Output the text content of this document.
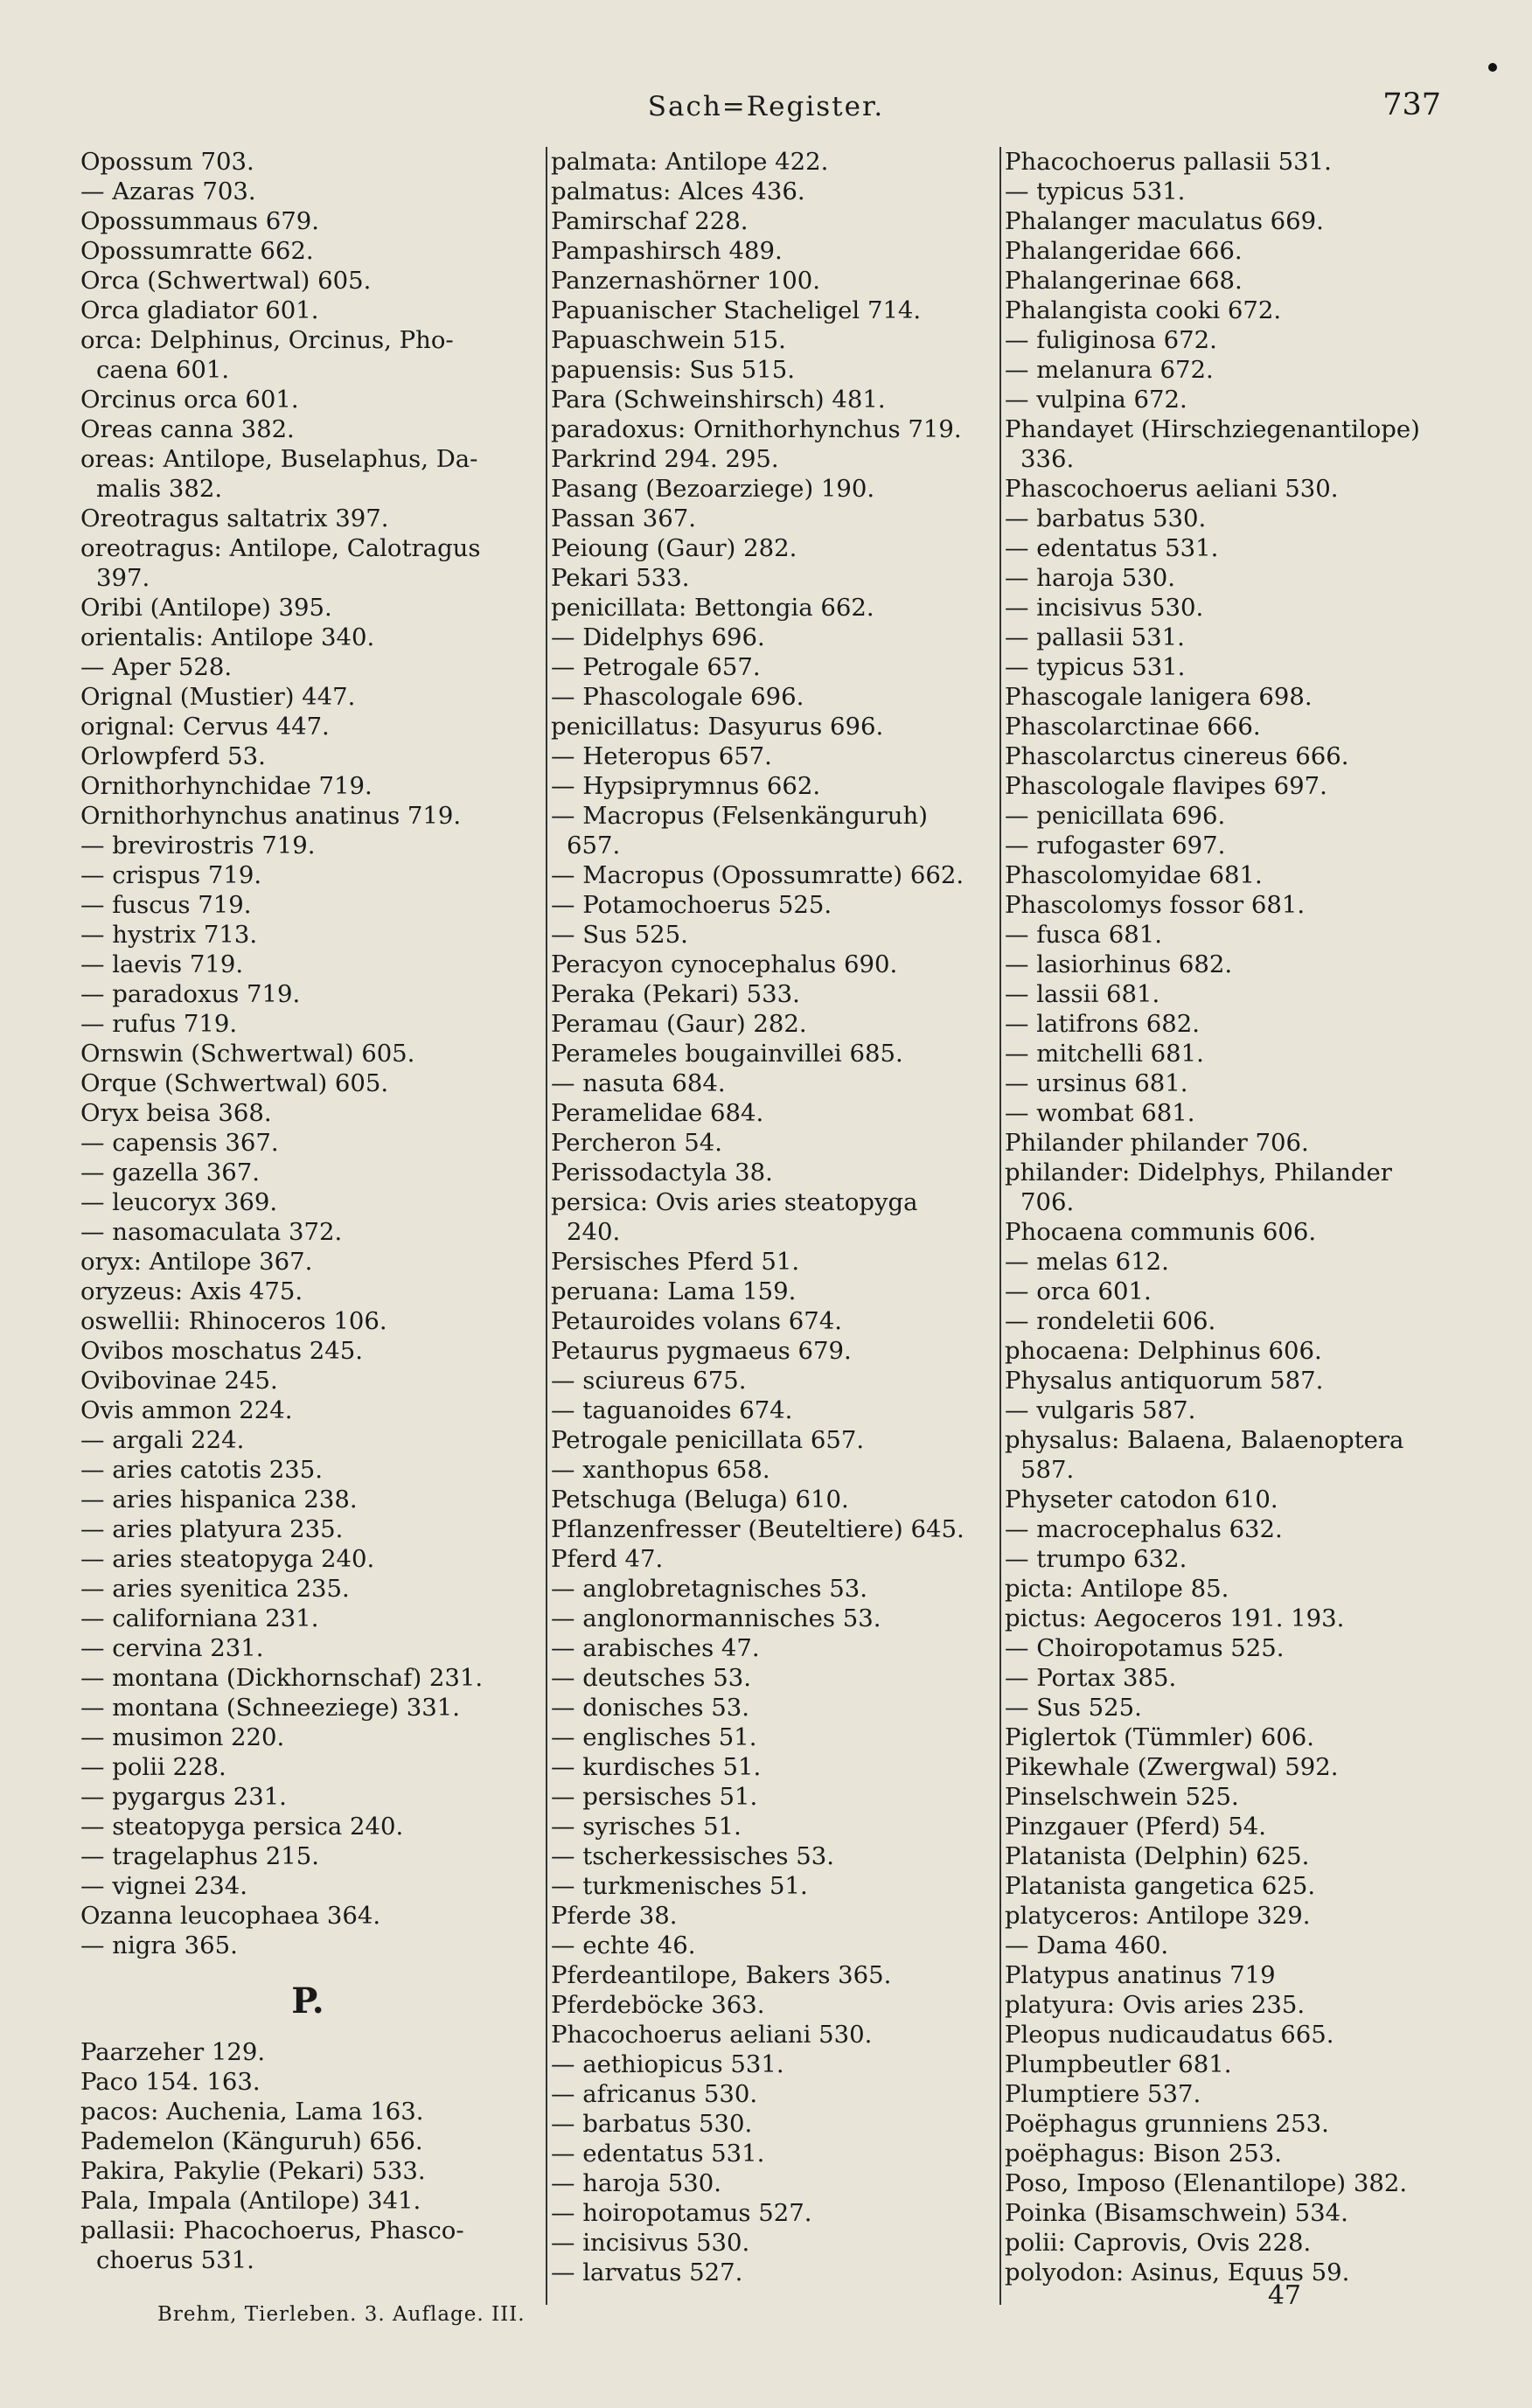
Sach=Register.	737
Opossum 703.
— Azaras 703.
Opossummaus 679.
Opossumratte 662.
Orca (Schwertwal) 605.
Orca gladiator 601.
orca: Delphinus, Orcinus, Pho-
caena 601.
Orcinus orca 601.
Oreas canna 382.
oreas: Antilope, Buselaphus, Da-
malis 382.
Oreotragus saltatrix 397.
oreotragus: Antilope, Calotragus
397.
Oribi (Antilope) 395.
orientalis: Antilope 340.
— Aper 528.
Orignal (Mustier) 447.
orignal: Cervus 447.
Orlowpferd 53.
Ornithorhynchidae 719.
Ornithorhynchus anatinus 719.
— brevirostris 719.
— crispus 719.
— fuscus 719.
— hystrix 713.
— laevis 719.
— paradoxus 719.
— rufus 719.
Ornswin (Schwertwal) 605.
Orque (Schwertwal) 605.
Oryx beisa 368.
— capensis 367.
— gazella 367.
— leucoryx 369.
— nasomaculata 372.
oryx: Antilope 367.
oryzeus: Axis 475.
oswellii: Rhinoceros 106.
Ovibos moschatus 245.
Ovibovinae 245.
Ovis ammon 224.
— argali 224.
— aries catotis 235.
— aries hispanica 238.
— aries platyura 235.
— aries steatopyga 240.
— aries syenitica 235.
— californiana 231.
— cervina 231.
— montana (Dickhornschaf) 231.
— montana (Schneeziege) 331.
— musimon 220.
— polii 228.
— pygargus 231.
— steatopyga persica 240.
— tragelaphus 215.
— vignei 234.
Ozanna leucophaea 364.
— nigra 365.
P.
Paarzeher 129.
Paco 154. 163.
pacos: Auchenia, Lama 163.
Pademelon (Känguruh) 656.
Pakira, Pakylie (Pekari) 533.
Pala, Impala (Antilope) 341.
pallasii: Phacochoerus, Phasco-
choerus 531.
palmata: Antilope 422.
palmatus: Alces 436.
Pamirschaf 228.
Pampashirsch 489.
Panzernashörner 100.
Papuanischer Stacheligel 714.
Papuaschwein 515.
papuensis: Sus 515.
Para (Schweinshirsch) 481.
paradoxus: Ornithorhynchus 719.
Parkrind 294. 295.
Pasang (Bezoarziege) 190.
Passan 367.
Peioung (Gaur) 282.
Pekari 533.
penicillata: Bettongia 662.
— Didelphys 696.
— Petrogale 657.
— Phascologale 696.
penicillatus: Dasyurus 696.
— Heteropus 657.
— Hypsiprymnus 662.
— Macropus (Felsenkänguruh)
657.
— Macropus (Opossumratte) 662.
— Potamochoerus 525.
— Sus 525.
Peracyon cynocephalus 690.
Peraka (Pekari) 533.
Peramau (Gaur) 282.
Perameles bougainvillei 685.
— nasuta 684.
Peramelidae 684.
Percheron 54.
Perissodactyla 38.
persica: Ovis aries steatopyga
240.
Persisches Pferd 51.
peruana: Lama 159.
Petauroides volans 674.
Petaurus pygmaeus 679.
— sciureus 675.
— taguanoides 674.
Petrogale penicillata 657.
— xanthopus 658.
Petschuga (Beluga) 610.
Pflanzenfresser (Beuteltiere) 645.
Pferd 47.
— anglobretagnisches 53.
— anglonormannisches 53.
— arabisches 47.
— deutsches 53.
— donisches 53.
— englisches 51.
— kurdisches 51.
— persisches 51.
— syrisches 51.
— tscherkessisches 53.
— turkmenisches 51.
Pferde 38.
— echte 46.
Pferdeantilope, Bakers 365.
Pferdeböcke 363.
Phacochoerus aeliani 530.
— aethiopicus 531.
— africanus 530.
— barbatus 530.
— edentatus 531.
— haroja 530.
— hoiropotamus 527.
— incisivus 530.
— larvatus 527.
Phacochoerus pallasii 531.
— typicus 531.
Phalanger maculatus 669.
Phalangeridae 666.
Phalangerinae 668.
Phalangista cooki 672.
— fuliginosa 672.
— melanura 672.
— vulpina 672.
Phandayet (Hirschziegenantilope)
336.
Phascochoerus aeliani 530.
— barbatus 530.
— edentatus 531.
— haroja 530.
— incisivus 530.
— pallasii 531.
— typicus 531.
Phascogale lanigera 698.
Phascolarctinae 666.
Phascolarctus cinereus 666.
Phascologale flavipes 697.
— penicillata 696.
— rufogaster 697.
Phascolomyidae 681.
Phascolomys fossor 681.
— fusca 681.
— lasiorhinus 682.
— lassii 681.
— latifrons 682.
— mitchelli 681.
— ursinus 681.
— wombat 681.
Philander philander 706.
philander: Didelphys, Philander
706.
Phocaena communis 606.
— melas 612.
— orca 601.
— rondeletii 606.
phocaena: Delphinus 606.
Physalus antiquorum 587.
— vulgaris 587.
physalus: Balaena, Balaenoptera
587.
Physeter catodon 610.
— macrocephalus 632.
— trumpo 632.
picta: Antilope 85.
pictus: Aegoceros 191. 193.
— Choiropotamus 525.
— Portax 385.
— Sus 525.
Piglertok (Tümmler) 606.
Pikewhale (Zwergwal) 592.
Pinselschwein 525.
Pinzgauer (Pferd) 54.
Platanista (Delphin) 625.
Platanista gangetica 625.
platyceros: Antilope 329.
— Dama 460.
Platypus anatinus 719
platyura: Ovis aries 235.
Pleopus nudicaudatus 665.
Plumpbeutler 681.
Plumptiere 537.
Poëphagus grunniens 253.
poëphagus: Bison 253.
Poso, Imposo (Elenantilope) 382.
Poinka (Bisamschwein) 534.
polii: Caprovis, Ovis 228.
polyodon: Asinus, Equus 59.
Brehm, Tierleben. 3. Auflage. III.
47
